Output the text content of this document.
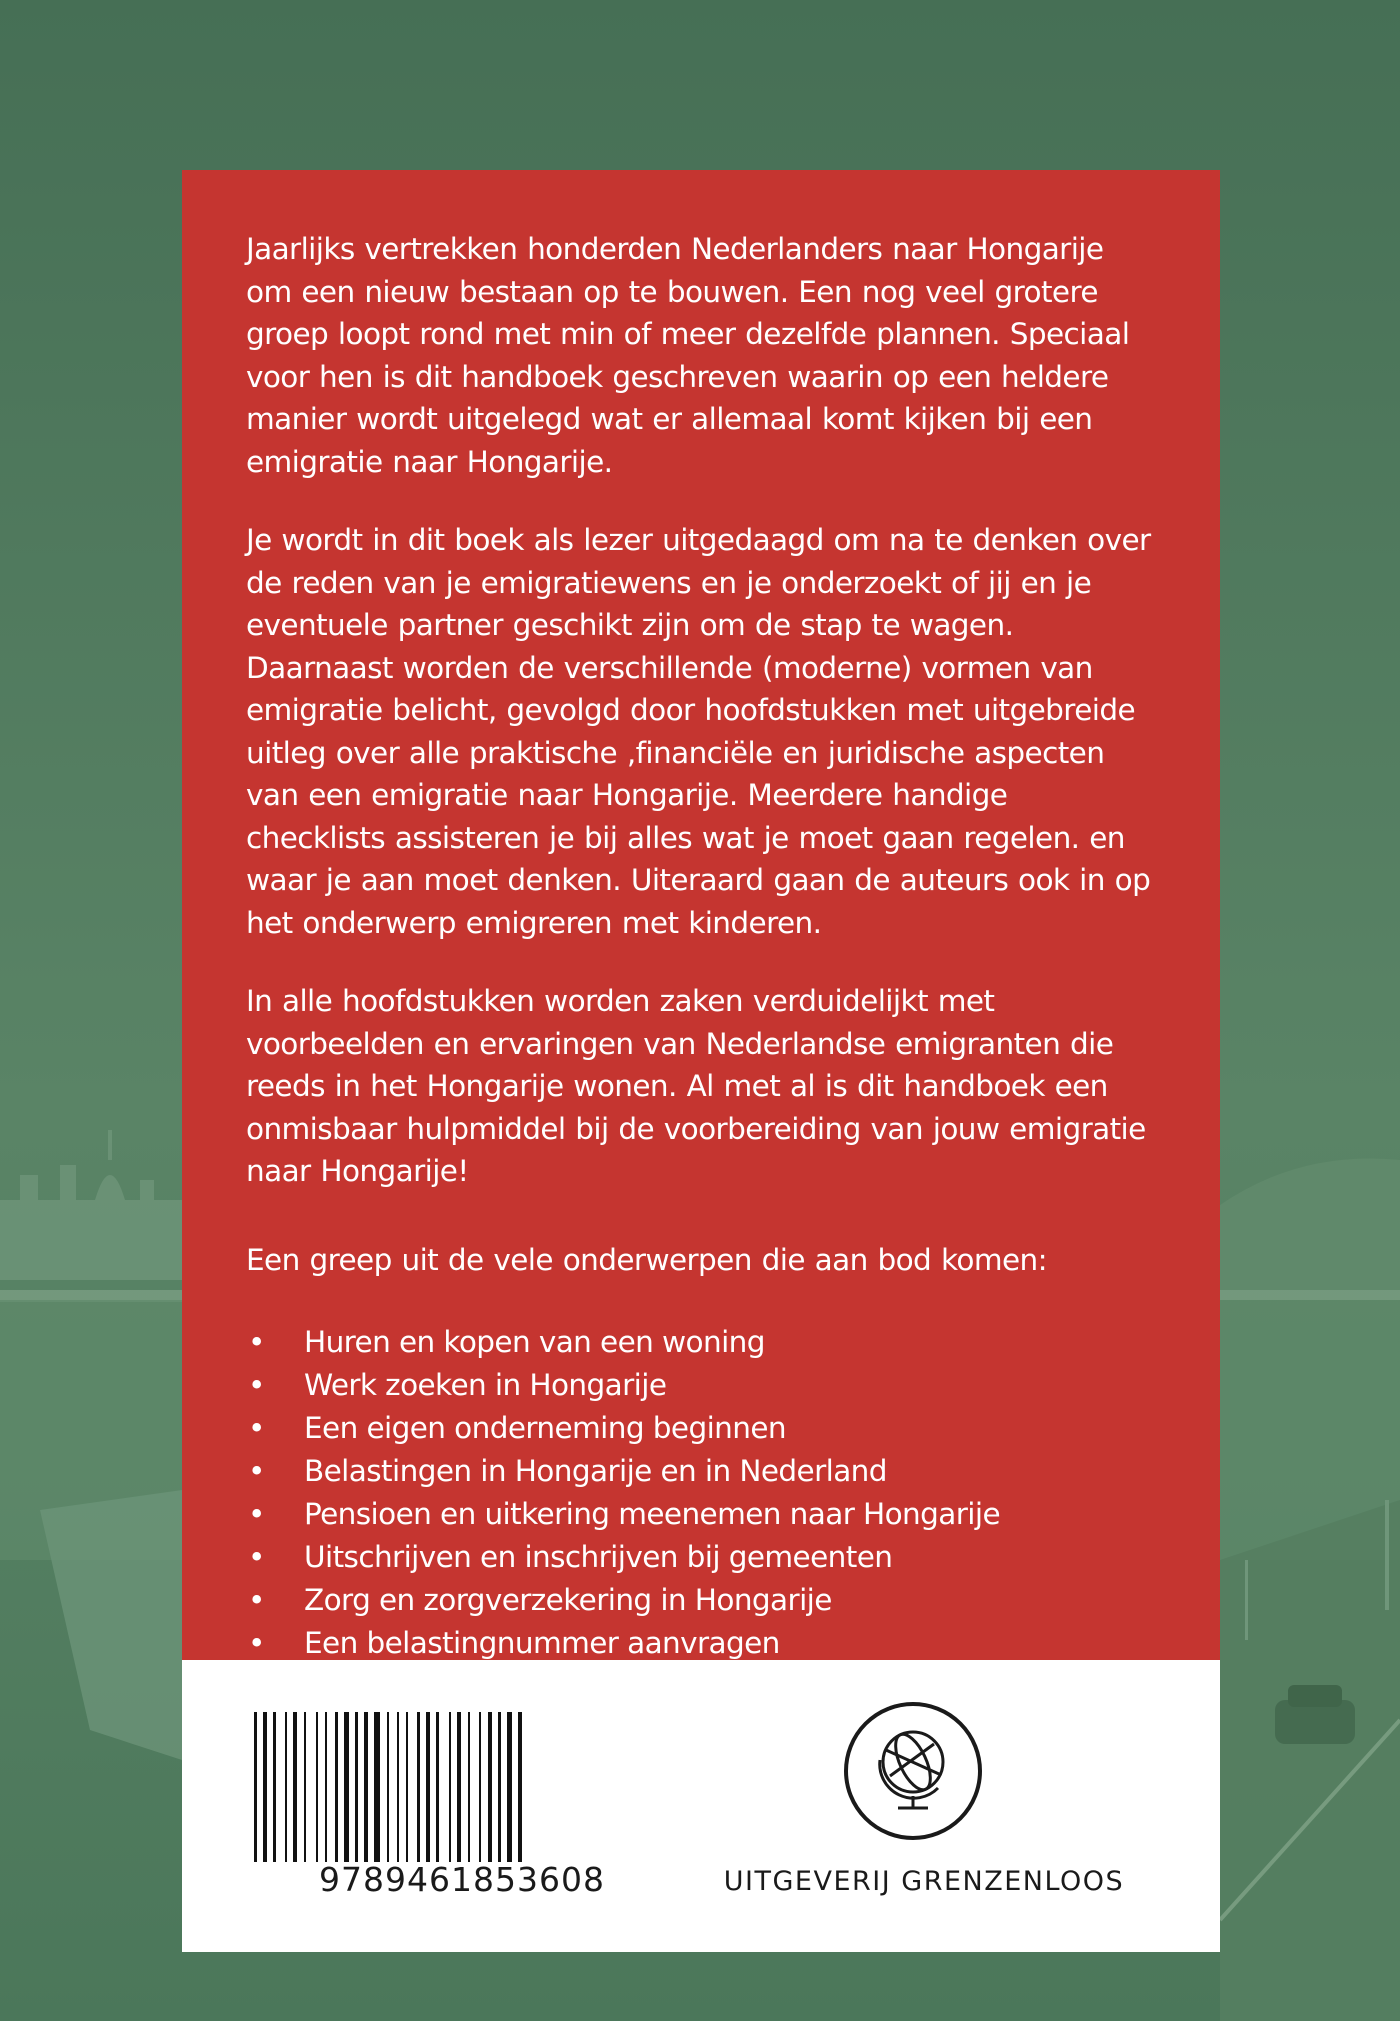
Jaarlijks vertrekken honderden Nederlanders naar Hongarije om een nieuw bestaan op te bouwen. Een nog veel grotere groep loopt rond met min of meer dezelfde plannen. Speciaal voor hen is dit handboek geschreven waarin op een heldere manier wordt uitgelegd wat er allemaal komt kijken bij een emigratie naar Hongarije.

Je wordt in dit boek als lezer uitgedaagd om na te denken over de reden van je emigratiewens en je onderzoekt of jij en je eventuele partner geschikt zijn om de stap te wagen. Daarnaast worden de verschillende (moderne) vormen van emigratie belicht, gevolgd door hoofdstukken met uitgebreide uitleg over alle praktische ,financiële en juridische aspecten van een emigratie naar Hongarije. Meerdere handige checklists assisteren je bij alles wat je moet gaan regelen. en waar je aan moet denken. Uiteraard gaan de auteurs ook in op het onderwerp emigreren met kinderen.

In alle hoofdstukken worden zaken verduidelijkt met voorbeelden en ervaringen van Nederlandse emigranten die reeds in het Hongarije wonen. Al met al is dit handboek een onmisbaar hulpmiddel bij de voorbereiding van jouw emigratie naar Hongarije!

Een greep uit de vele onderwerpen die aan bod komen:

• Huren en kopen van een woning
• Werk zoeken in Hongarije
• Een eigen onderneming beginnen
• Belastingen in Hongarije en in Nederland
• Pensioen en uitkering meenemen naar Hongarije
• Uitschrijven en inschrijven bij gemeenten
• Zorg en zorgverzekering in Hongarije
• Een belastingnummer aanvragen
9789461853608	UITGEVERIJ GRENZENLOOS
